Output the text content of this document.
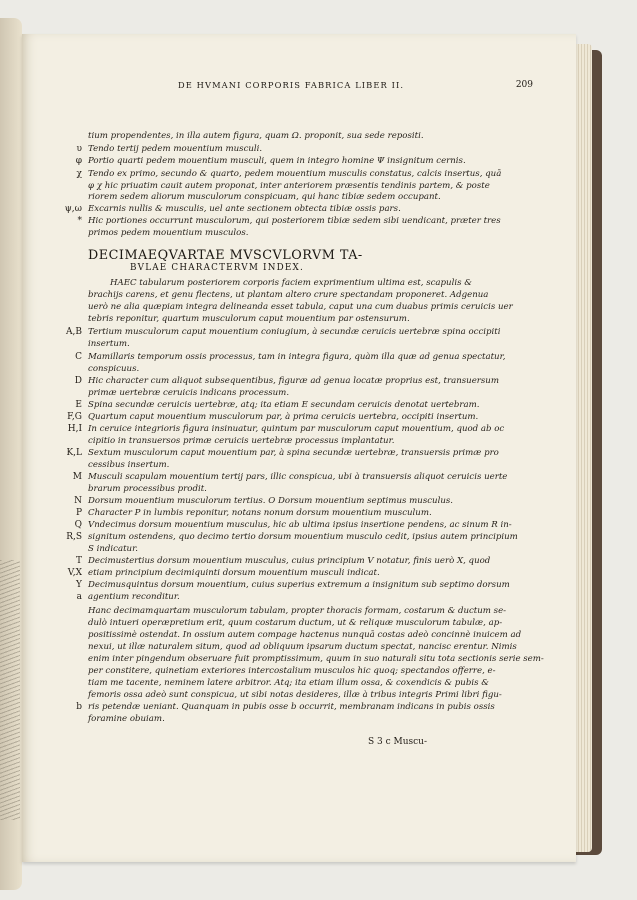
DE HVMANI CORPORIS FABRICA LIBER II.	209
tium propendentes, in illa autem figura, quam Ω. proponit, sua sede repositi.
υ Tendo tertij pedem mouentium musculi.
φ Portio quarti pedem mouentium musculi, quem in integro homine Ψ insignitum cernis.
χ Tendo ex primo, secundo & quarto, pedem mouentium musculis constatus, calcis insertus, quā
φ χ hic priuatim cauit autem proponat, inter anteriorem præsentis tendinis partem, & poste
riorem sedem aliorum musculorum conspicuam, qui hanc tibiæ sedem occupant.
ψ,ω Excarnis nullis & musculis, uel ante sectionem obtecta tibiæ ossis pars.
* Hic portiones occurrunt musculorum, qui posteriorem tibiæ sedem sibi uendicant, præter tres
primos pedem mouentium musculos.
DECIMAEQVARTAE MVSCVLORVM TA-
BVLAE CHARACTERVM INDEX.
HAEC tabularum posteriorem corporis faciem exprimentium ultima est, scapulis &
brachijs carens, et genu flectens, ut plantam altero crure spectandam proponeret. Adgenua
uerò ne alia quæpiam integra delineanda esset tabula, caput una cum duabus primis ceruicis uer
tebris reponitur, quartum musculorum caput mouentium par ostensurum.
A,B Tertium musculorum caput mouentium coniugium, à secundæ ceruicis uertebræ spina occipiti
insertum.
C Mamillaris temporum ossis processus, tam in integra figura, quàm illa quæ ad genua spectatur,
conspicuus.
D Hic character cum aliquot subsequentibus, figuræ ad genua locatæ proprius est, transuersum
primæ uertebræ ceruicis indicans processum.
E Spina secundæ ceruicis uertebræ, atq; ita etiam E secundam ceruicis denotat uertebram.
F,G Quartum caput mouentium musculorum par, à prima ceruicis uertebra, occipiti insertum.
H,I In ceruice integrioris figura insinuatur, quintum par musculorum caput mouentium, quod ab oc
cipitio in transuersos primæ ceruicis uertebræ processus implantatur.
K,L Sextum musculorum caput mouentium par, à spina secundæ uertebræ, transuersis primæ pro
cessibus insertum.
M Musculi scapulam mouentium tertij pars, illic conspicua, ubi à transuersis aliquot ceruicis uerte
brarum processibus prodit.
N Dorsum mouentium musculorum tertius. O Dorsum mouentium septimus musculus.
P Character P in lumbis reponitur, notans nonum dorsum mouentium musculum.
Q Vndecimus dorsum mouentium musculus, hic ab ultima ipsius insertione pendens, ac sinum R in-
R,S signitum ostendens, quo decimo tertio dorsum mouentium musculo cedit, ipsius autem principium
S indicatur.
T Decimustertius dorsum mouentium musculus, cuius principium V notatur, finis uerò X, quod
V,X etiam principium decimiquinti dorsum mouentium musculi indicat.
Y Decimusquintus dorsum mouentium, cuius superius extremum a insignitum sub septimo dorsum
a agentium reconditur.
Hanc decimamquartam musculorum tabulam, propter thoracis formam, costarum & ductum se-
dulò intueri operæpretium erit, quum costarum ductum, ut & reliquæ musculorum tabulæ, ap-
positissimè ostendat. In ossium autem compage hactenus nunquā costas adeò concinnè inuicem ad
nexui, ut illæ naturalem situm, quod ad obliquum ipsarum ductum spectat, nancisc erentur. Nimis
enim inter pingendum obseruare fuit promptissimum, quum in suo naturali situ tota sectionis serie sem-
per constitere, quinetiam exteriores intercostalium musculos hic quoq; spectandos offerre, e-
tiam me tacente, neminem latere arbitror. Atq; ita etiam illum ossa, & coxendicis & pubis &
femoris ossa adeò sunt conspicua, ut sibi notas desideres, illæ à tribus integris Primi libri figu-
b ris petendæ ueniant. Quanquam in pubis osse b occurrit, membranam indicans in pubis ossis
foramine obuiam.
S 3 c Muscu-
